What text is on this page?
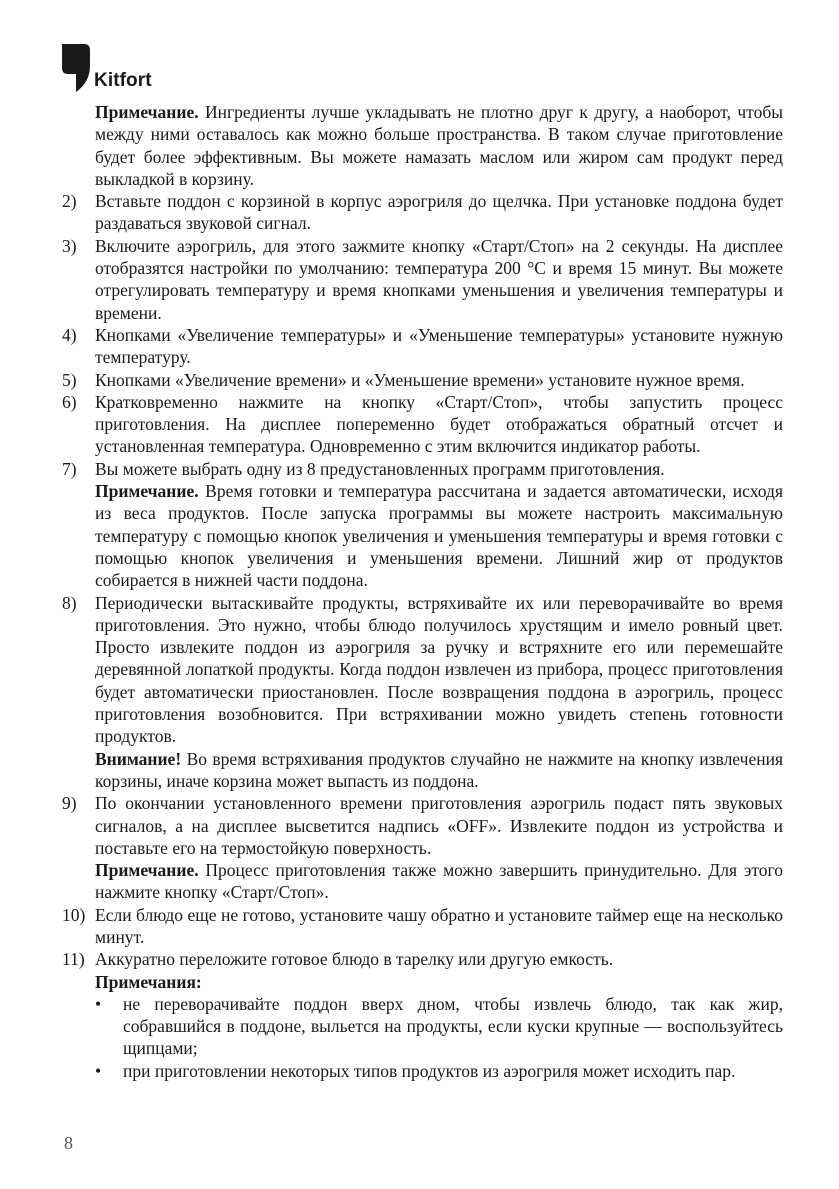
Kitfort

Примечание. Ингредиенты лучше укладывать не плотно друг к другу, а наоборот, чтобы между ними оставалось как можно больше пространства. В таком случае приготовление будет более эффективным. Вы можете намазать маслом или жиром сам продукт перед выкладкой в корзину.

2)	Вставьте поддон с корзиной в корпус аэрогриля до щелчка. При установке поддона будет раздаваться звуковой сигнал.
3)	Включите аэрогриль, для этого зажмите кнопку «Старт/Стоп» на 2 секунды. На дисплее отобразятся настройки по умолчанию: температура 200 °C и время 15 минут. Вы можете отрегулировать температуру и время кнопками уменьшения и увеличения температуры и времени.
4)	Кнопками «Увеличение температуры» и «Уменьшение температуры» установите нужную температуру.
5)	Кнопками «Увеличение времени» и «Уменьшение времени» установите нужное время.
6)	Кратковременно нажмите на кнопку «Старт/Стоп», чтобы запустить процесс приготовления. На дисплее попеременно будет отображаться обратный отсчет и установленная температура. Одновременно с этим включится индикатор работы.
7)	Вы можете выбрать одну из 8 предустановленных программ приготовления.
Примечание. Время готовки и температура рассчитана и задается автоматически, исходя из веса продуктов. После запуска программы вы можете настроить максимальную температуру с помощью кнопок увеличения и уменьшения температуры и время готовки с помощью кнопок увеличения и уменьшения времени. Лишний жир от продуктов собирается в нижней части поддона.
8)	Периодически вытаскивайте продукты, встряхивайте их или переворачивайте во время приготовления. Это нужно, чтобы блюдо получилось хрустящим и имело ровный цвет. Просто извлеките поддон из аэрогриля за ручку и встряхните его или перемешайте деревянной лопаткой продукты. Когда поддон извлечен из прибора, процесс приготовления будет автоматически приостановлен. После возвращения поддона в аэрогриль, процесс приготовления возобновится. При встряхивании можно увидеть степень готовности продуктов.
Внимание! Во время встряхивания продуктов случайно не нажмите на кнопку извлечения корзины, иначе корзина может выпасть из поддона.
9)	По окончании установленного времени приготовления аэрогриль подаст пять звуковых сигналов, а на дисплее высветится надпись «OFF». Извлеките поддон из устройства и поставьте его на термостойкую поверхность.
Примечание. Процесс приготовления также можно завершить принудительно. Для этого нажмите кнопку «Старт/Стоп».
10) Если блюдо еще не готово, установите чашу обратно и установите таймер еще на несколько минут.
11) Аккуратно переложите готовое блюдо в тарелку или другую емкость.
Примечания:
•	не переворачивайте поддон вверх дном, чтобы извлечь блюдо, так как жир, собравшийся в поддоне, выльется на продукты, если куски крупные — воспользуйтесь щипцами;
•	при приготовлении некоторых типов продуктов из аэрогриля может исходить пар.
8
